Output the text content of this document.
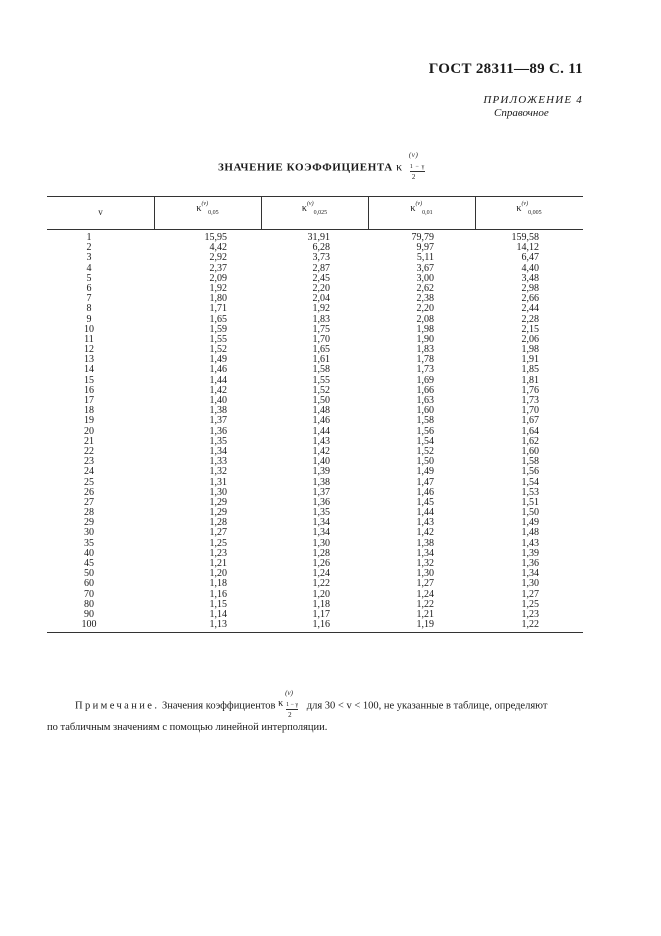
ГОСТ 28311—89 С. 11
ПРИЛОЖЕНИЕ 4
Справочное
ЗНАЧЕНИЕ КОЭФФИЦИЕНТА κ
(v)
1 − γ
2
v	$\kappa^{(v)}_{0,05}$	$\kappa^{(v)}_{0,025}$	$\kappa^{(v)}_{0,01}$	$\kappa^{(v)}_{0,005}$
1	15,95	31,91	79,79	159,58
2	4,42	6,28	9,97	14,12
3	2,92	3,73	5,11	6,47
4	2,37	2,87	3,67	4,40
5	2,09	2,45	3,00	3,48
6	1,92	2,20	2,62	2,98
7	1,80	2,04	2,38	2,66
8	1,71	1,92	2,20	2,44
9	1,65	1,83	2,08	2,28
10	1,59	1,75	1,98	2,15
11	1,55	1,70	1,90	2,06
12	1,52	1,65	1,83	1,98
13	1,49	1,61	1,78	1,91
14	1,46	1,58	1,73	1,85
15	1,44	1,55	1,69	1,81
16	1,42	1,52	1,66	1,76
17	1,40	1,50	1,63	1,73
18	1,38	1,48	1,60	1,70
19	1,37	1,46	1,58	1,67
20	1,36	1,44	1,56	1,64
21	1,35	1,43	1,54	1,62
22	1,34	1,42	1,52	1,60
23	1,33	1,40	1,50	1,58
24	1,32	1,39	1,49	1,56
25	1,31	1,38	1,47	1,54
26	1,30	1,37	1,46	1,53
27	1,29	1,36	1,45	1,51
28	1,29	1,35	1,44	1,50
29	1,28	1,34	1,43	1,49
30	1,27	1,34	1,42	1,48
35	1,25	1,30	1,38	1,43
40	1,23	1,28	1,34	1,39
45	1,21	1,26	1,32	1,36
50	1,20	1,24	1,30	1,34
60	1,18	1,22	1,27	1,30
70	1,16	1,20	1,24	1,27
80	1,15	1,18	1,22	1,25
90	1,14	1,17	1,21	1,23
100	1,13	1,16	1,19	1,22
Примечание. Значения коэффициентов κ
(v)
1 − γ
2
для 30 < v < 100, не указанные в таблице, определяют
по табличным значениям с помощью линейной интерполяции.
